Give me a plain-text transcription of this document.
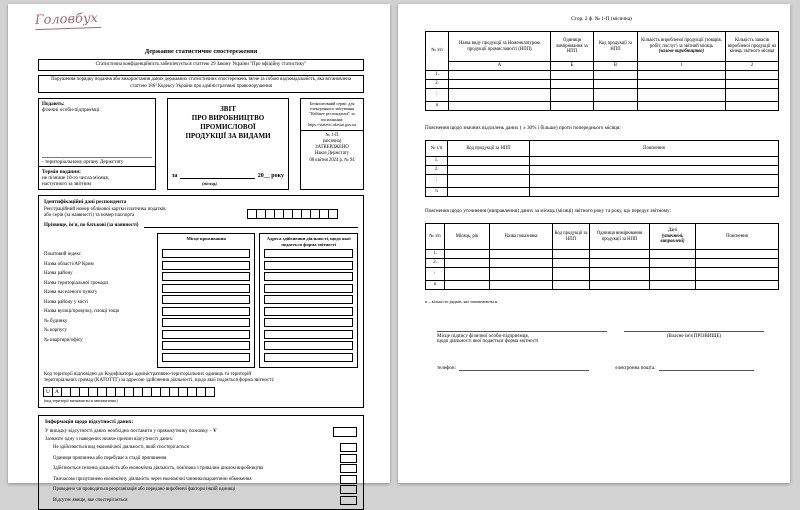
Головбух
Державне статистичне спостереження
Статистична конфіденційність забезпечується статтею 29 Закону України "Про офіційну статистику"
Порушення порядку подання або використання даних державних статистичних спостережень тягне за собою відповідальність, яка встановлена статтею 186³ Кодексу України про адміністративні правопорушення
Подають:
фізичні особи-підприємці
- територіальному органу Держстату
Термін подання:
не пізніше 10-го числа місяця,
наступного за звітним
ЗВІТ
ПРО ВИРОБНИЦТВО
ПРОМИСЛОВОЇ
ПРОДУКЦІЇ ЗА ВИДАМИ
за	20__ року
(місяць)
Безкоштовний сервіс для електронного звітування "Кабінет респондента" за посиланням: https://statzvit.ukrstat.gov.ua
№ 1-П
(місячна)
ЗАТВЕРДЖЕНО
Наказ Держстату
08 квітня 2024 р. № 94
Ідентифікаційні дані респондента
Реєстраційний номер облікової картки платника податків
або серія (за наявності) та номер паспорта
Прізвище, ім'я, по батькові (за наявності)
Поштовий індекс
Назва області/АР Крим
Назва району
Назва територіальної громади
Назва населеного пункту
Назва району у місті
Назва вулиці/провулку, площі тощо
№ будинку
№ корпусу
№ квартири/офісу
Місце проживання	Адреса здійснення діяльності, щодо якої подається форма звітності
Код території відповідно до Кодифікатора адміністративно-територіальних одиниць та територій
територіальних громад (КАТОТТГ) за адресою здійснення діяльності, щодо якої подається форма звітності:
U A
(код території визначається автоматично)
Інформація щодо відсутності даних:
У випадку відсутності даних необхідно поставити у прямокутнику позначку – V
Зазначте одну з наведених нижче причин відсутності даних:
Не здійснюється вид економічної діяльності, який спостерігається
Одиниця припинена або перебуває в стадії припинення
Здійснюється сезонна діяльність або економічна діяльність, пов'язана з тривалим циклом виробництва
Тимчасово призупинено економічну діяльність через економічні чинники/карантинні обмеження
Проведено чи проводиться реорганізація або передано виробничі фактори іншій одиниці
Відсутнє явище, яке спостерігається
Стор. 2 ф. № 1-П (місячна)
№ з/п	Назва виду продукції за Номенклатурою продукції промисловості (НПП)	Одиниця вимірювання за НПП	Код продукції за НПП	Кількість виробленої продукції (товарів, робіт, послуг) за звітний місяць
(валове виробництво)	Кількість запасів виробленої продукції на кінець звітного місяця
	А	Б	В	1	2
1.					
2.					
⋮					
n					
Пояснення щодо значних відхилень даних ( ± 30% і більше) проти попереднього місяця:
№ з/п	Код продукції за НПП	Пояснення
1.		
2.		
⋮		
n		
Пояснення щодо уточнення (виправлення) даних за місяць (місяці) звітного року та року, що передує звітному:
№ з/п	Місяць, рік	Назва показника	Код продукції за НПП	Одиниця вимірювання продукції за НПП	Дані
(уточнені, виправлені)	Пояснення
1.						
2.						
⋮						
n						
n – кількість рядків, які заповнюються.
Місце підпису фізичної особи-підприємця,
щодо діяльності якої подається форма звітності
(Власне ім'я ПРІЗВИЩЕ)
телефон:	електронна пошта:
